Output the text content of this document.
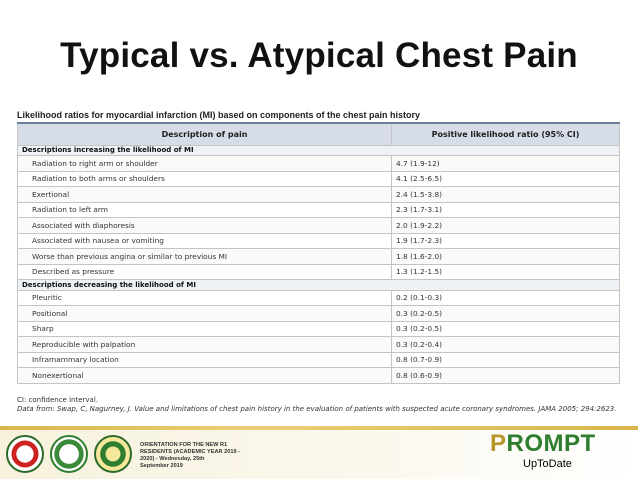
Typical vs. Atypical Chest Pain
Likelihood ratios for myocardial infarction (MI) based on components of the chest pain history
Description of pain	Positive likelihood ratio (95% CI)
Descriptions increasing the likelihood of MI	
Radiation to right arm or shoulder	4.7 (1.9-12)
Radiation to both arms or shoulders	4.1 (2.5-6.5)
Exertional	2.4 (1.5-3.8)
Radiation to left arm	2.3 (1.7-3.1)
Associated with diaphoresis	2.0 (1.9-2.2)
Associated with nausea or vomiting	1.9 (1.7-2.3)
Worse than previous angina or similar to previous MI	1.8 (1.6-2.0)
Described as pressure	1.3 (1.2-1.5)
Descriptions decreasing the likelihood of MI	
Pleuritic	0.2 (0.1-0.3)
Positional	0.3 (0.2-0.5)
Sharp	0.3 (0.2-0.5)
Reproducible with palpation	0.3 (0.2-0.4)
Inframammary location	0.8 (0.7-0.9)
Nonexertional	0.8 (0.6-0.9)
CI: confidence interval.
Data from: Swap, C, Nagurney, J. Value and limitations of chest pain history in the evaluation of patients with suspected acute coronary syndromes. JAMA 2005; 294:2623.
ORIENTATION FOR THE NEW R1
RESIDENTS (ACADEMIC YEAR 2019 -
2020) - Wednesday, 25th
September 2019
PROMPT
UpToDate
